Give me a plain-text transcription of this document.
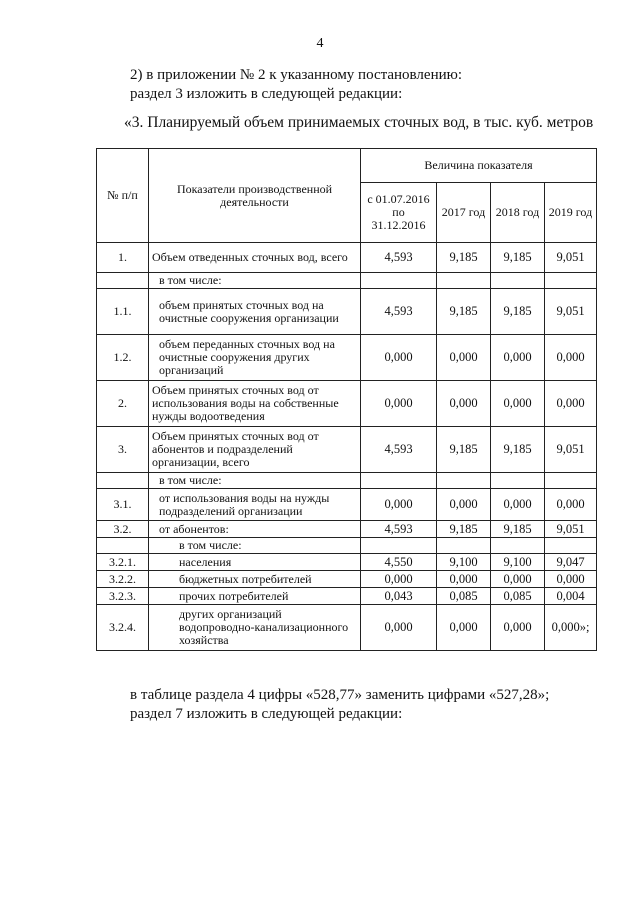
4
2) в приложении № 2 к указанному постановлению:
раздел 3 изложить в следующей редакции:
«3. Планируемый объем принимаемых сточных вод, в тыс. куб. метров
№ п/п	Показатели производственной деятельности	Величина показателя			
		с 01.07.2016 по 31.12.2016	2017 год	2018 год	2019 год
1.	Объем отведенных сточных вод, всего	4,593	9,185	9,185	9,051
	в том числе:				
1.1.	объем принятых сточных вод на очистные сооружения организации	4,593	9,185	9,185	9,051
1.2.	объем переданных сточных вод на очистные сооружения других организаций	0,000	0,000	0,000	0,000
2.	Объем принятых сточных вод от использования воды на собственные нужды водоотведения	0,000	0,000	0,000	0,000
3.	Объем принятых сточных вод от абонентов и подразделений организации, всего	4,593	9,185	9,185	9,051
	в том числе:				
3.1.	от использования воды на нужды подразделений организации	0,000	0,000	0,000	0,000
3.2.	от абонентов:	4,593	9,185	9,185	9,051
	в том числе:				
3.2.1.	населения	4,550	9,100	9,100	9,047
3.2.2.	бюджетных потребителей	0,000	0,000	0,000	0,000
3.2.3.	прочих потребителей	0,043	0,085	0,085	0,004
3.2.4.	других организаций водопроводно-канализационного хозяйства	0,000	0,000	0,000	0,000»;
в таблице раздела 4 цифры «528,77» заменить цифрами «527,28»;
раздел 7 изложить в следующей редакции:
